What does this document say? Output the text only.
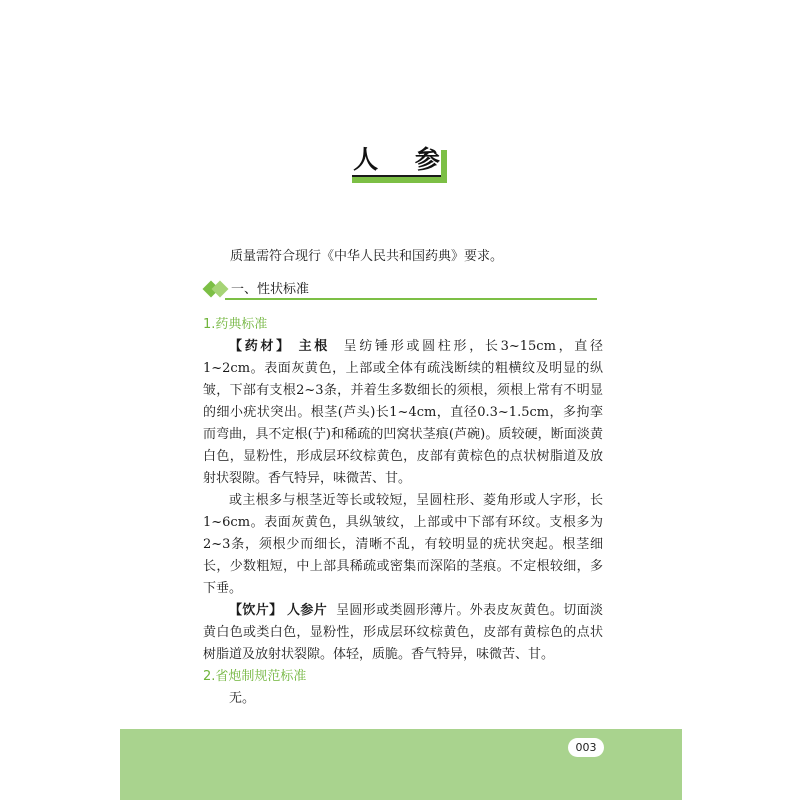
人 参
质量需符合现行《中华人民共和国药典》要求。
一、性状标准

1.药典标准

【药材】 主根 呈纺锤形或圆柱形，长3~15cm，直径1~2cm。表面灰黄色，上部或全体有疏浅断续的粗横纹及明显的纵皱，下部有支根2~3条，并着生多数细长的须根，须根上常有不明显的细小疣状突出。根茎(芦头)长1~4cm，直径0.3~1.5cm，多拘挛而弯曲，具不定根(艼)和稀疏的凹窝状茎痕(芦碗)。质较硬，断面淡黄白色，显粉性，形成层环纹棕黄色，皮部有黄棕色的点状树脂道及放射状裂隙。香气特异，味微苦、甘。

或主根多与根茎近等长或较短，呈圆柱形、菱角形或人字形，长1~6cm。表面灰黄色，具纵皱纹，上部或中下部有环纹。支根多为2~3条，须根少而细长，清晰不乱，有较明显的疣状突起。根茎细长，少数粗短，中上部具稀疏或密集而深陷的茎痕。不定根较细，多下垂。

【饮片】 人参片 呈圆形或类圆形薄片。外表皮灰黄色。切面淡黄白色或类白色，显粉性，形成层环纹棕黄色，皮部有黄棕色的点状树脂道及放射状裂隙。体轻，质脆。香气特异，味微苦、甘。

2.省炮制规范标准

无。

003
